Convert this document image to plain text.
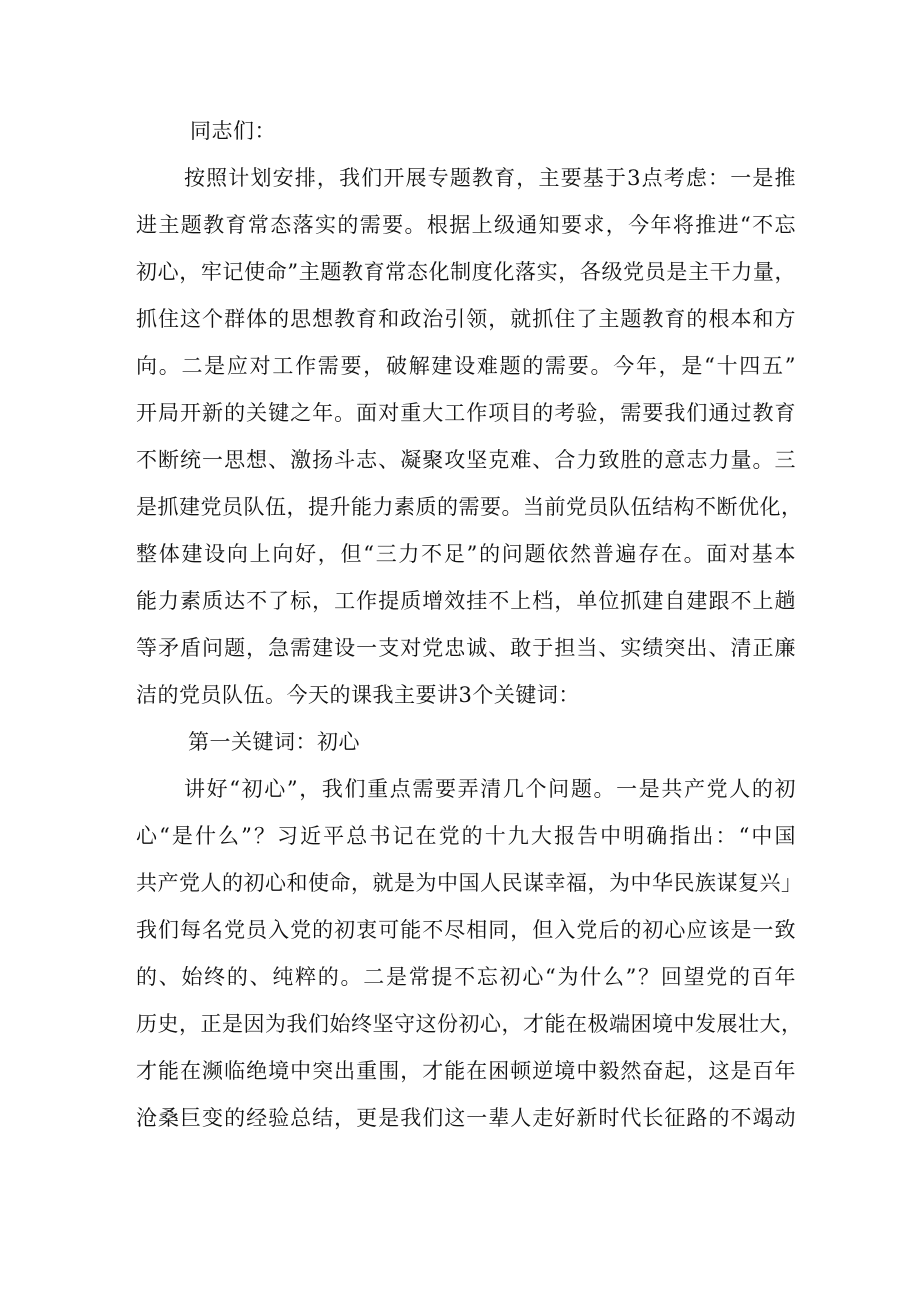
同志们：
按照计划安排，我们开展专题教育，主要基于3点考虑：一是推
进主题教育常态落实的需要。根据上级通知要求，今年将推进“不忘
初心，牢记使命”主题教育常态化制度化落实，各级党员是主干力量，
抓住这个群体的思想教育和政治引领，就抓住了主题教育的根本和方
向。二是应对工作需要，破解建设难题的需要。今年，是“十四五”
开局开新的关键之年。面对重大工作项目的考验，需要我们通过教育
不断统一思想、激扬斗志、凝聚攻坚克难、合力致胜的意志力量。三
是抓建党员队伍，提升能力素质的需要。当前党员队伍结构不断优化，
整体建设向上向好，但“三力不足”的问题依然普遍存在。面对基本
能力素质达不了标，工作提质增效挂不上档，单位抓建自建跟不上趟
等矛盾问题，急需建设一支对党忠诚、敢于担当、实绩突出、清正廉
洁的党员队伍。今天的课我主要讲3个关键词：
第一关键词：初心
讲好“初心”，我们重点需要弄清几个问题。一是共产党人的初
心“是什么”？习近平总书记在党的十九大报告中明确指出：“中国
共产党人的初心和使命，就是为中国人民谋幸福，为中华民族谋复兴」
我们每名党员入党的初衷可能不尽相同，但入党后的初心应该是一致
的、始终的、纯粹的。二是常提不忘初心“为什么”？回望党的百年
历史，正是因为我们始终坚守这份初心，才能在极端困境中发展壮大，
才能在濒临绝境中突出重围，才能在困顿逆境中毅然奋起，这是百年
沧桑巨变的经验总结，更是我们这一辈人走好新时代长征路的不竭动
